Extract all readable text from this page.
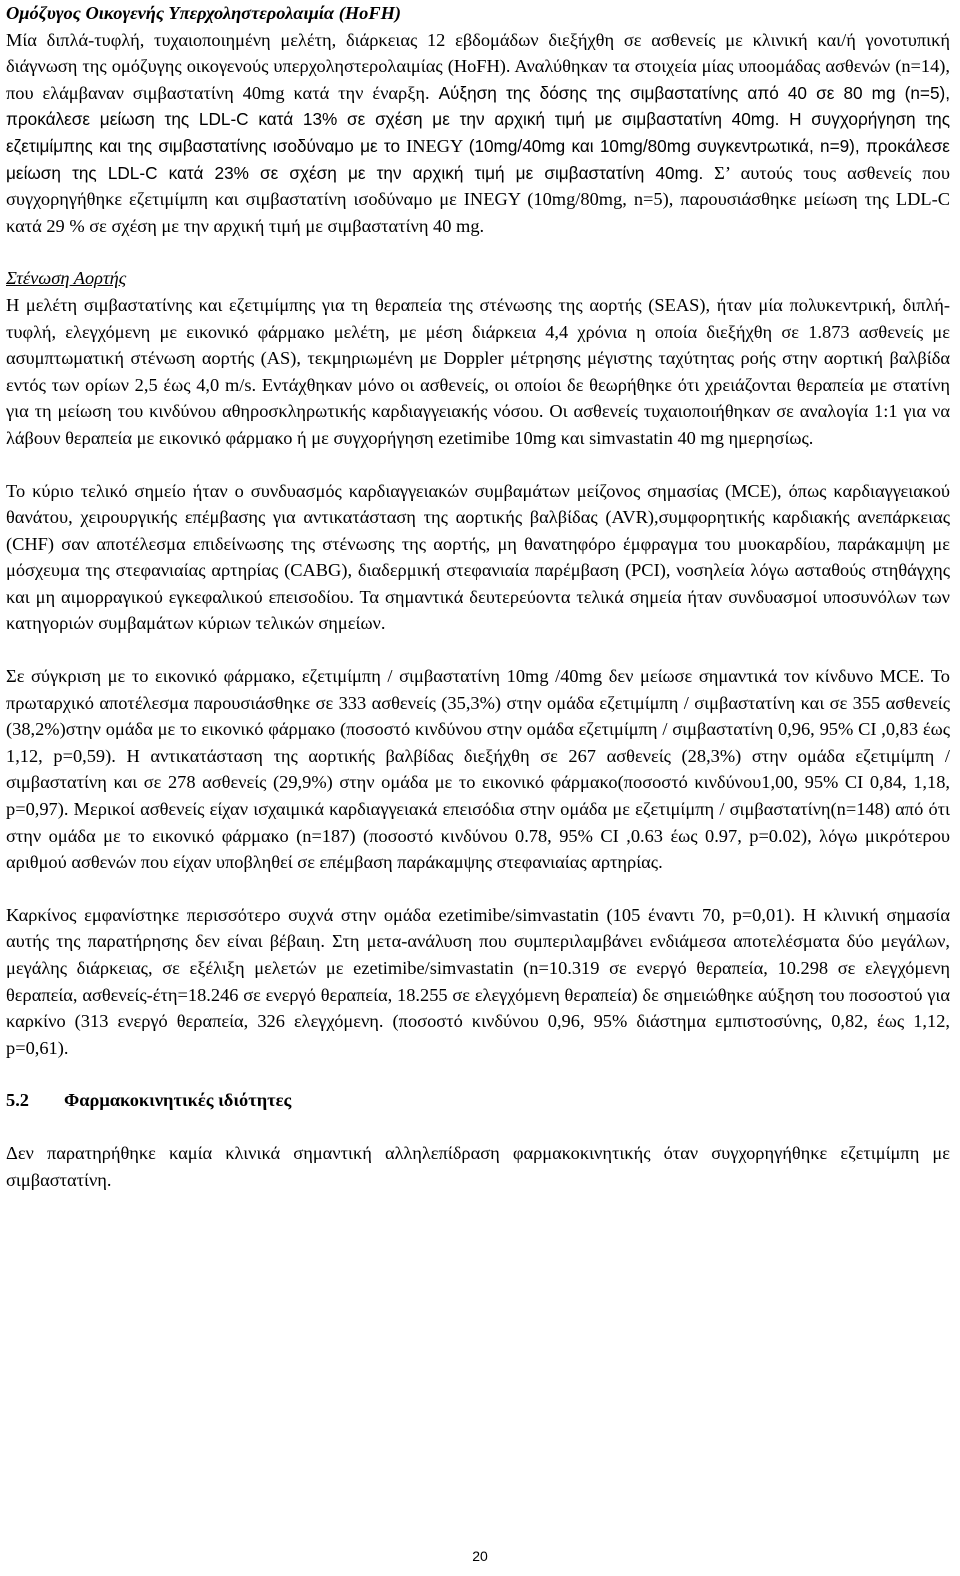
Ομόζυγος Οικογενής Υπερχοληστερολαιμία (HoFH)

Μία διπλά-τυφλή, τυχαιοποιημένη μελέτη, διάρκειας 12 εβδομάδων διεξήχθη σε ασθενείς με κλινική και/ή γονοτυπική διάγνωση της ομόζυγης οικογενούς υπερχοληστερολαιμίας (HoFH). Αναλύθηκαν τα στοιχεία μίας υποομάδας ασθενών (n=14), που ελάμβαναν σιμβαστατίνη 40mg κατά την έναρξη. Αύξηση της δόσης της σιμβαστατίνης από 40 σε 80 mg (n=5), προκάλεσε μείωση της LDL-C κατά 13% σε σχέση με την αρχική τιμή με σιμβαστατίνη 40mg. Η συγχορήγηση της εζετιμίμπης και της σιμβαστατίνης ισοδύναμο με το INEGY (10mg/40mg και 10mg/80mg συγκεντρωτικά, n=9), προκάλεσε μείωση της LDL-C κατά 23% σε σχέση με την αρχική τιμή με σιμβαστατίνη 40mg. Σ’ αυτούς τους ασθενείς που συγχορηγήθηκε εζετιμίμπη και σιμβαστατίνη ισοδύναμο με INEGY (10mg/80mg, n=5), παρουσιάσθηκε μείωση της LDL-C κατά 29 % σε σχέση με την αρχική τιμή με σιμβαστατίνη 40 mg.

Στένωση Αορτής

Η μελέτη σιμβαστατίνης και εζετιμίμπης για τη θεραπεία της στένωσης της αορτής (SEAS), ήταν μία πολυκεντρική, διπλή-τυφλή, ελεγχόμενη με εικονικό φάρμακο μελέτη, με μέση διάρκεια 4,4 χρόνια η οποία διεξήχθη σε 1.873 ασθενείς με ασυμπτωματική στένωση αορτής (AS), τεκμηριωμένη με Doppler μέτρησης μέγιστης ταχύτητας ροής στην αορτική βαλβίδα εντός των ορίων 2,5 έως 4,0 m/s. Εντάχθηκαν μόνο οι ασθενείς, οι οποίοι δε θεωρήθηκε ότι χρειάζονται θεραπεία με στατίνη για τη μείωση του κινδύνου αθηροσκληρωτικής καρδιαγγειακής νόσου. Οι ασθενείς τυχαιοποιήθηκαν σε αναλογία 1:1 για να λάβουν θεραπεία με εικονικό φάρμακο ή με συγχορήγηση ezetimibe 10mg και simvastatin 40 mg ημερησίως.

Το κύριο τελικό σημείο ήταν ο συνδυασμός καρδιαγγειακών συμβαμάτων μείζονος σημασίας (MCE), όπως καρδιαγγειακού θανάτου, χειρουργικής επέμβασης για αντικατάσταση της αορτικής βαλβίδας (AVR),συμφορητικής καρδιακής ανεπάρκειας (CHF) σαν αποτέλεσμα επιδείνωσης της στένωσης της αορτής, μη θανατηφόρο έμφραγμα του μυοκαρδίου, παράκαμψη με μόσχευμα της στεφανιαίας αρτηρίας (CABG), διαδερμική στεφανιαία παρέμβαση (PCI), νοσηλεία λόγω ασταθούς στηθάγχης και μη αιμορραγικού εγκεφαλικού επεισοδίου. Τα σημαντικά δευτερεύοντα τελικά σημεία ήταν συνδυασμοί υποσυνόλων των κατηγοριών συμβαμάτων κύριων τελικών σημείων.

Σε σύγκριση με το εικονικό φάρμακο, εζετιμίμπη / σιμβαστατίνη 10mg /40mg δεν μείωσε σημαντικά τον κίνδυνο MCE. Το πρωταρχικό αποτέλεσμα παρουσιάσθηκε σε 333 ασθενείς (35,3%) στην ομάδα εζετιμίμπη / σιμβαστατίνη και σε 355 ασθενείς (38,2%)στην ομάδα με το εικονικό φάρμακο (ποσοστό κινδύνου στην ομάδα εζετιμίμπη / σιμβαστατίνη 0,96, 95% CI ,0,83 έως 1,12, p=0,59). Η αντικατάσταση της αορτικής βαλβίδας διεξήχθη σε 267 ασθενείς (28,3%) στην ομάδα εζετιμίμπη / σιμβαστατίνη και σε 278 ασθενείς (29,9%) στην ομάδα με το εικονικό φάρμακο(ποσοστό κινδύνου1,00, 95% CI 0,84, 1,18, p=0,97). Μερικοί ασθενείς είχαν ισχαιμικά καρδιαγγειακά επεισόδια στην ομάδα με εζετιμίμπη / σιμβαστατίνη(n=148) από ότι στην ομάδα με το εικονικό φάρμακο (n=187) (ποσοστό κινδύνου 0.78, 95% CI ,0.63 έως 0.97, p=0.02), λόγω μικρότερου αριθμού ασθενών που είχαν υποβληθεί σε επέμβαση παράκαμψης στεφανιαίας αρτηρίας.

Καρκίνος εμφανίστηκε περισσότερο συχνά στην ομάδα ezetimibe/simvastatin (105 έναντι 70, p=0,01). Η κλινική σημασία αυτής της παρατήρησης δεν είναι βέβαιη. Στη μετα-ανάλυση που συμπεριλαμβάνει ενδιάμεσα αποτελέσματα δύο μεγάλων, μεγάλης διάρκειας, σε εξέλιξη μελετών με ezetimibe/simvastatin (n=10.319 σε ενεργό θεραπεία, 10.298 σε ελεγχόμενη θεραπεία, ασθενείς-έτη=18.246 σε ενεργό θεραπεία, 18.255 σε ελεγχόμενη θεραπεία) δε σημειώθηκε αύξηση του ποσοστού για καρκίνο (313 ενεργό θεραπεία, 326 ελεγχόμενη. (ποσοστό κινδύνου 0,96, 95% διάστημα εμπιστοσύνης, 0,82, έως 1,12, p=0,61).

5.2	Φαρμακοκινητικές ιδιότητες

Δεν παρατηρήθηκε καμία κλινικά σημαντική αλληλεπίδραση φαρμακοκινητικής όταν συγχορηγήθηκε εζετιμίμπη με σιμβαστατίνη.

20
